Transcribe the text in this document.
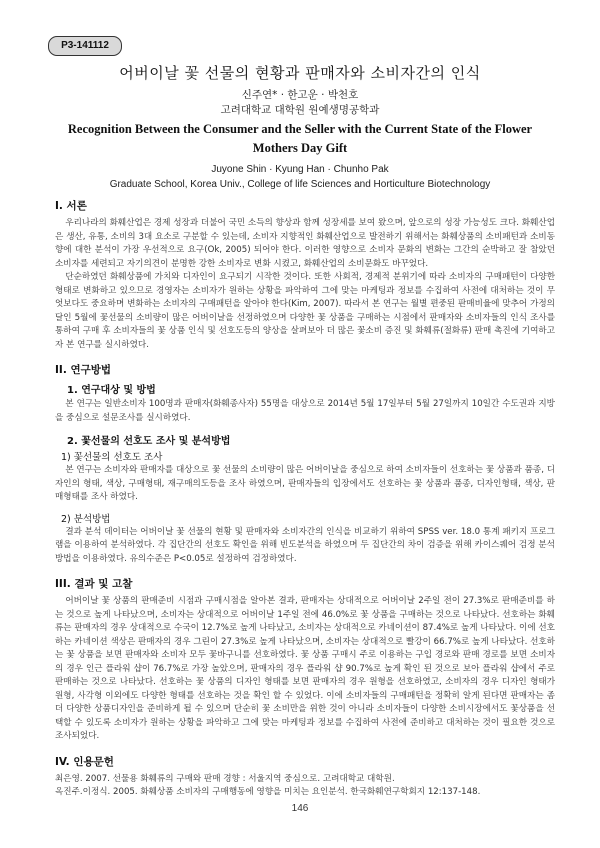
P3-141112
어버이날 꽃 선물의 현황과 판매자와 소비자간의 인식
신주연* · 한고운 · 박천호
고려대학교 대학원 원예생명공학과
Recognition Between the Consumer and the Seller with the Current State of the Flower
Mothers Day Gift
Juyone Shin · Kyung Han · Chunho Pak
Graduate School, Korea Univ., College of life Sciences and Horticulture Biotechnology
I. 서론

우리나라의 화훼산업은 경제 성장과 더불어 국민 소득의 향상과 함께 성장세를 보여 왔으며, 앞으로의 성장 가능성도 크다. 화훼산업은 생산, 유통, 소비의 3대 요소로 구분할 수 있는데, 소비자 지향적인 화훼산업으로 발전하기 위해서는 화훼상품의 소비패턴과 소비동향에 대한 분석이 가장 우선적으로 요구(Ok, 2005) 되어야 한다. 이러한 영향으로 소비자 문화의 변화는 그간의 순박하고 잘 참았던 소비자를 세련되고 자기의견이 분명한 강한 소비자로 변화 시켰고, 화훼산업의 소비문화도 바꾸었다.

단순하였던 화훼상품에 가치와 디자인이 요구되기 시작한 것이다. 또한 사회적, 경제적 분위기에 따라 소비자의 구매패턴이 다양한 형태로 변화하고 있으므로 경영자는 소비자가 원하는 상황을 파악하여 그에 맞는 마케팅과 정보를 수집하여 사전에 대처하는 것이 무엇보다도 중요하며 변화하는 소비자의 구매패턴을 알아야 한다(Kim, 2007). 따라서 본 연구는 월별 편중된 판매비율에 맞추어 가정의 달인 5월에 꽃선물의 소비량이 많은 어버이날을 선정하였으며 다양한 꽃 상품을 구매하는 시점에서 판매자와 소비자들의 인식 조사를 통하여 구매 후 소비자들의 꽃 상품 인식 및 선호도등의 양상을 살펴보아 더 많은 꽃소비 증진 및 화훼류(절화류) 판매 촉진에 기여하고자 본 연구를 실시하였다.

II. 연구방법
1. 연구대상 및 방법

본 연구는 일반소비자 100명과 판매자(화훼종사자) 55명을 대상으로 2014년 5월 17일부터 5월 27일까지 10일간 수도권과 지방을 중심으로 설문조사를 실시하였다.

2. 꽃선물의 선호도 조사 및 분석방법
1) 꽃선물의 선호도 조사

본 연구는 소비자와 판매자를 대상으로 꽃 선물의 소비량이 많은 어버이날을 중심으로 하여 소비자들이 선호하는 꽃 상품과 품종, 디자인의 형태, 색상, 구매형태, 재구매의도등을 조사 하였으며, 판매자들의 입장에서도 선호하는 꽃 상품과 품종, 디자인형태, 색상, 판매형태를 조사 하였다.

2) 분석방법

결과 분석 데이터는 어버이날 꽃 선물의 현황 및 판매자와 소비자간의 인식을 비교하기 위하여 SPSS ver. 18.0 통계 패키지 프로그램을 이용하여 분석하였다. 각 집단간의 선호도 확인을 위해 빈도분석을 하였으며 두 집단간의 차이 검증을 위해 카이스퀘어 검정 분석 방법을 이용하였다. 유의수준은 P<0.05로 설정하여 검정하였다.

III. 결과 및 고찰

어버이날 꽃 상품의 판매준비 시점과 구매시점을 알아본 결과, 판매자는 상대적으로 어버이날 2주일 전이 27.3%로 판매준비를 하는 것으로 높게 나타났으며, 소비자는 상대적으로 어버이날 1주일 전에 46.0%로 꽃 상품을 구매하는 것으로 나타났다. 선호하는 화훼류는 판매자의 경우 상대적으로 수국이 12.7%로 높게 나타났고, 소비자는 상대적으로 카네이션이 87.4%로 높게 나타났다. 이에 선호하는 카네이션 색상은 판매자의 경우 그린이 27.3%로 높게 나타났으며, 소비자는 상대적으로 빨강이 66.7%로 높게 나타났다. 선호하는 꽃 상품을 보면 판매자와 소비자 모두 꽃바구니를 선호하였다. 꽃 상품 구매시 주로 이용하는 구입 경로와 판매 경로를 보면 소비자의 경우 인근 플라워 샵이 76.7%로 가장 높았으며, 판매자의 경우 플라워 샵 90.7%로 높게 확인 된 것으로 보아 플라워 샵에서 주로 판매하는 것으로 나타났다. 선호하는 꽃 상품의 디자인 형태를 보면 판매자의 경우 원형을 선호하였고, 소비자의 경우 디자인 형태가 원형, 사각형 이외에도 다양한 형태를 선호하는 것을 확인 할 수 있었다. 이에 소비자들의 구매패턴을 정확히 알게 된다면 판매자는 좀 더 다양한 상품디자인을 준비하게 될 수 있으며 단순히 꽃 소비만을 위한 것이 아니라 소비자들이 다양한 소비시장에서도 꽃상품을 선택할 수 있도록 소비자가 원하는 상황을 파악하고 그에 맞는 마케팅과 정보를 수집하여 사전에 준비하고 대처하는 것이 필요한 것으로 조사되었다.

IV. 인용문헌

최은영. 2007. 선물용 화훼류의 구매와 판매 경향 : 서울지역 중심으로. 고려대학교 대학원.

옥진주.이정식. 2005. 화훼상품 소비자의 구매행동에 영향을 미치는 요인분석. 한국화훼연구학회지 12:137-148.

146
